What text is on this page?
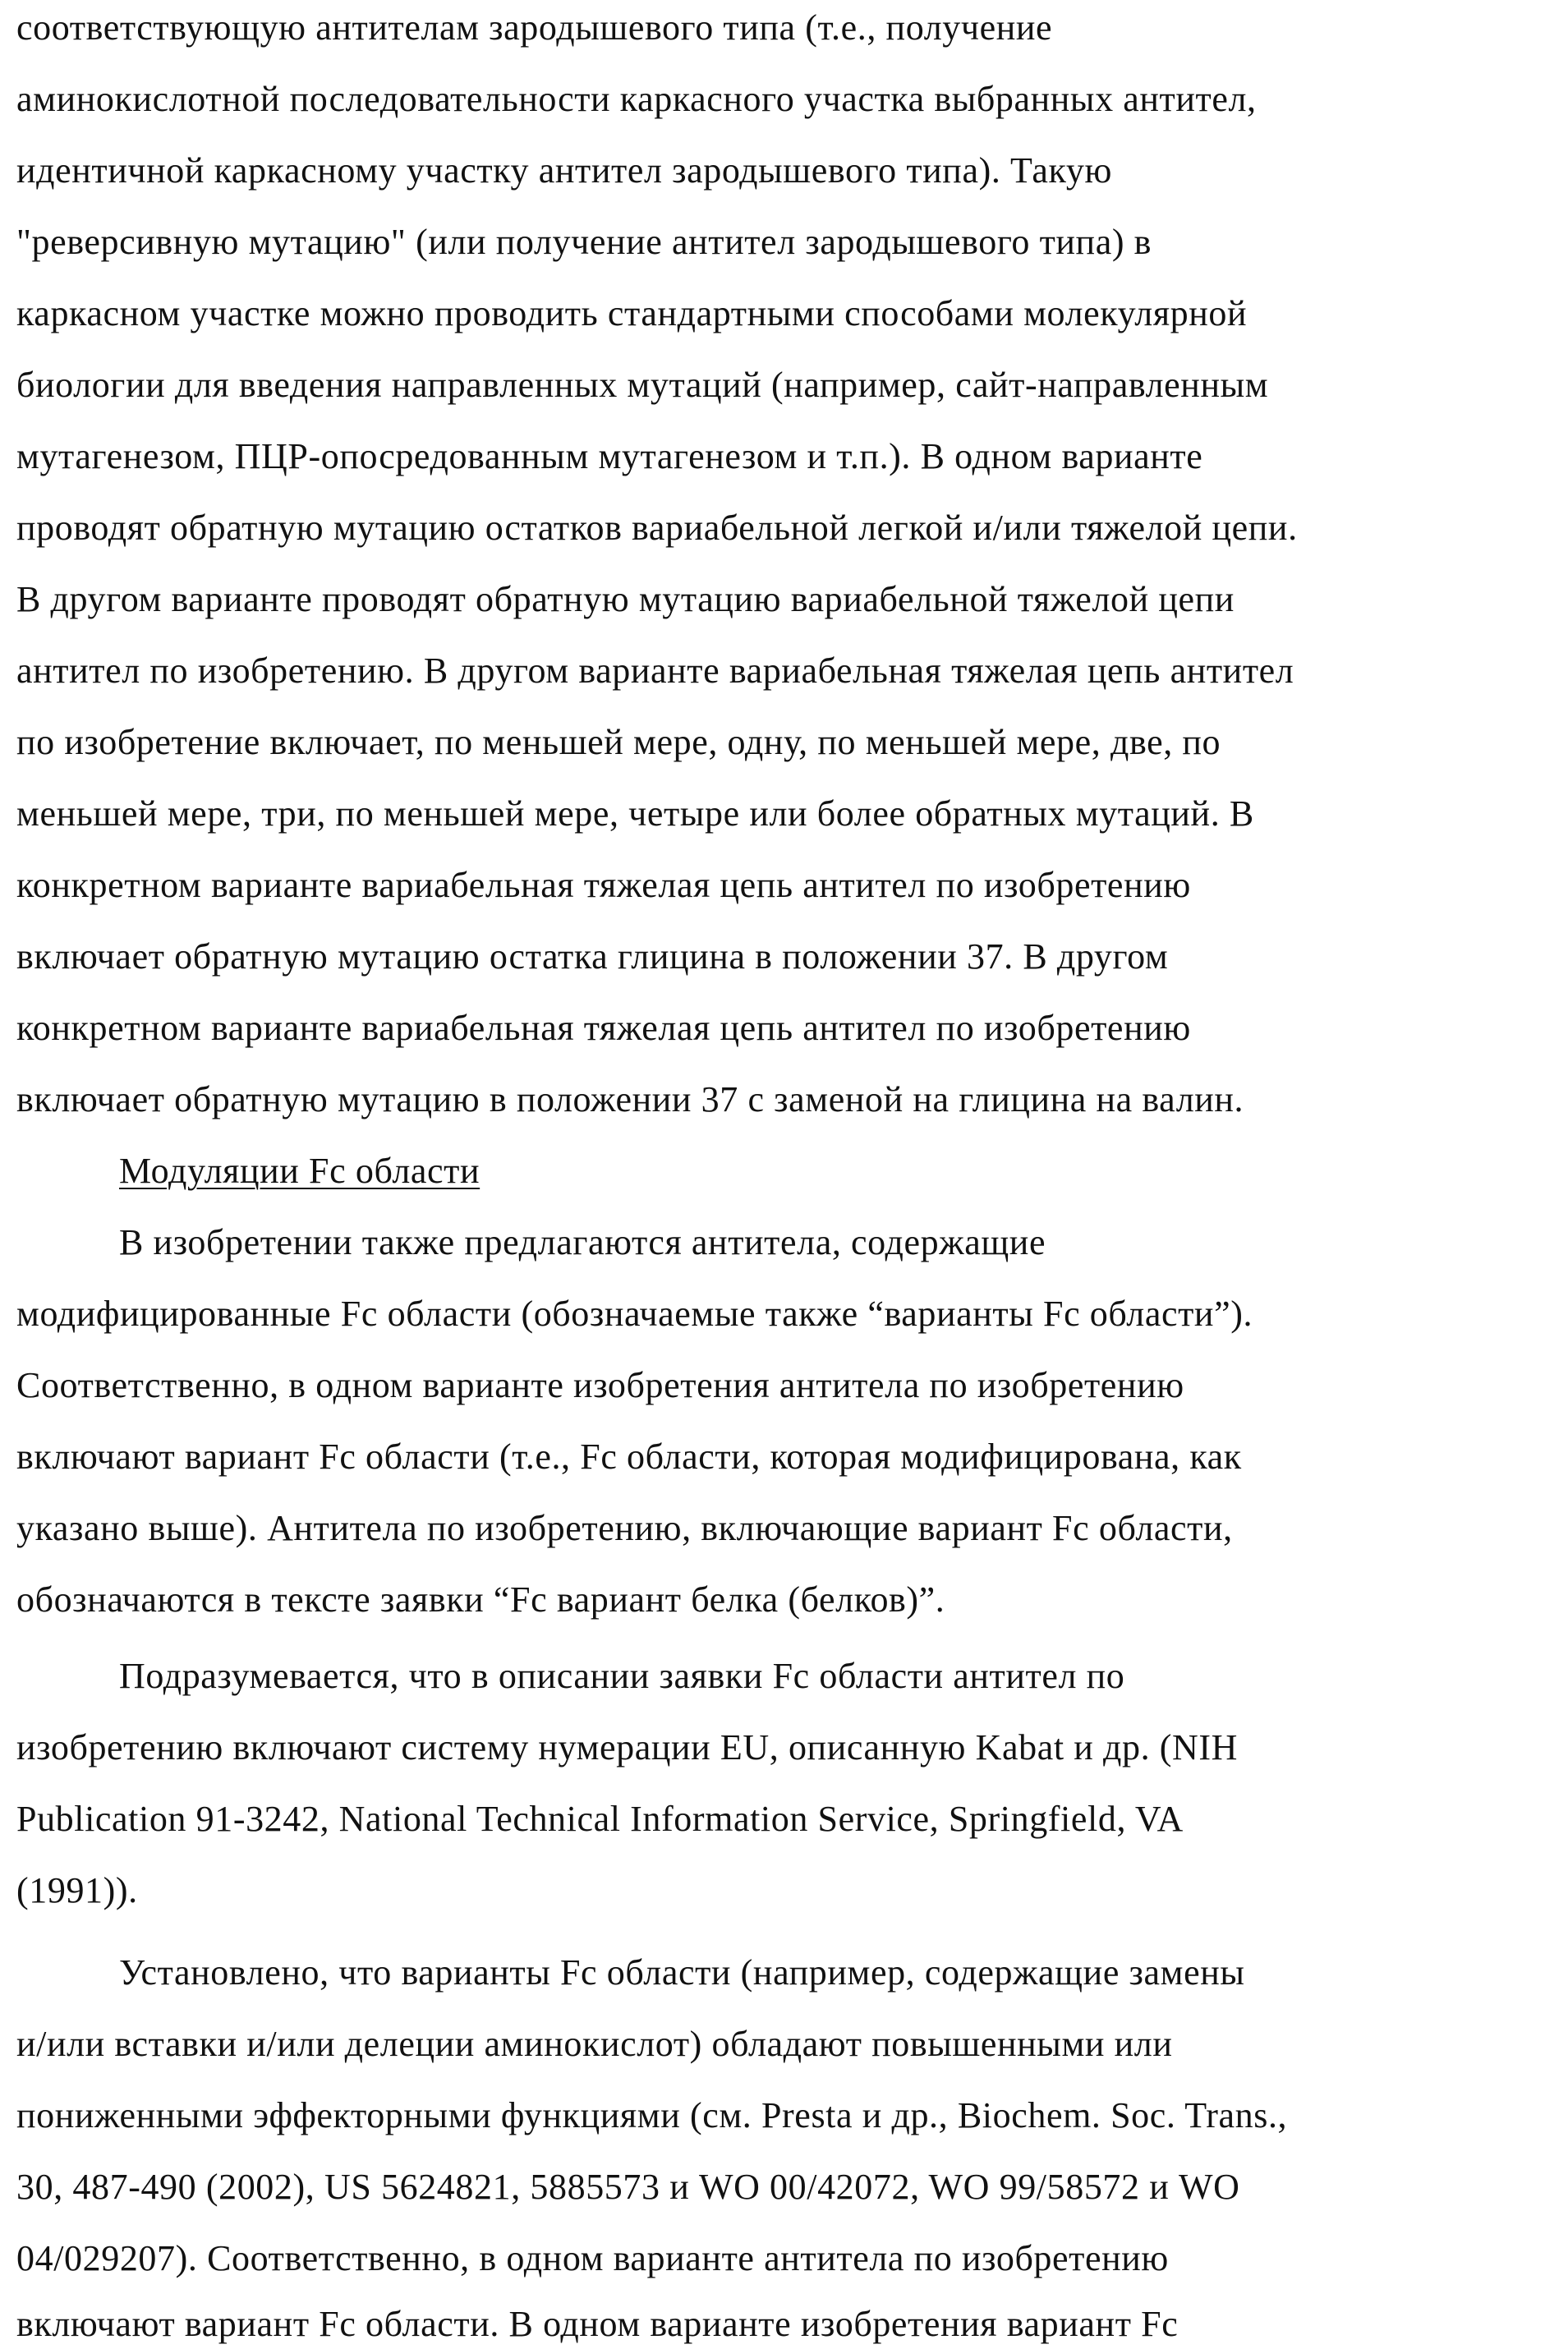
соответствующую антителам зародышевого типа (т.е., получение
аминокислотной последовательности каркасного участка выбранных антител,
идентичной каркасному участку антител зародышевого типа). Такую
"реверсивную мутацию" (или получение антител зародышевого типа) в
каркасном участке можно проводить стандартными способами молекулярной
биологии для введения направленных мутаций (например, сайт-направленным
мутагенезом, ПЦР-опосредованным мутагенезом и т.п.). В одном варианте
проводят обратную мутацию остатков вариабельной легкой и/или тяжелой цепи.
В другом варианте проводят обратную мутацию вариабельной тяжелой цепи
антител по изобретению. В другом варианте вариабельная тяжелая цепь антител
по изобретение включает, по меньшей мере, одну, по меньшей мере, две, по
меньшей мере, три, по меньшей мере, четыре или более обратных мутаций. В
конкретном варианте вариабельная тяжелая цепь антител по изобретению
включает обратную мутацию остатка глицина в положении 37. В другом
конкретном варианте вариабельная тяжелая цепь антител по изобретению
включает обратную мутацию в положении 37 с заменой на глицина на валин.
Модуляции Fc области
В изобретении также предлагаются антитела, содержащие
модифицированные Fc области (обозначаемые также “варианты Fc области”).
Соответственно, в одном варианте изобретения антитела по изобретению
включают вариант Fc области (т.е., Fc области, которая модифицирована, как
указано выше). Антитела по изобретению, включающие вариант Fc области,
обозначаются в тексте заявки “Fc вариант белка (белков)”.
Подразумевается, что в описании заявки Fc области антител по
изобретению включают систему нумерации EU, описанную Kabat и др. (NIH
Publication 91-3242, National Technical Information Service, Springfield, VA
(1991)).
Установлено, что варианты Fc области (например, содержащие замены
и/или вставки и/или делеции аминокислот) обладают повышенными или
пониженными эффекторными функциями (см. Presta и др., Biochem. Soc. Trans.,
30, 487-490 (2002), US 5624821, 5885573 и WO 00/42072, WO 99/58572 и WO
04/029207). Соответственно, в одном варианте антитела по изобретению
включают вариант Fc области. В одном варианте изобретения вариант Fc
